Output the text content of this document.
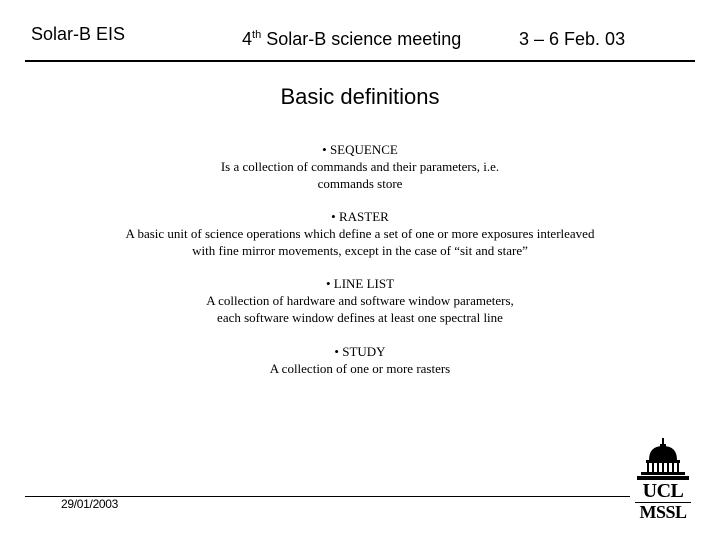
Solar-B EIS	4th Solar-B science meeting	3 – 6 Feb. 03
Basic definitions
• SEQUENCE
Is a collection of commands and their parameters, i.e.
commands store
• RASTER
A basic unit of science operations which define a set of one or more exposures interleaved
with fine mirror movements, except in the case of “sit and stare”
• LINE LIST
A collection of hardware and software window parameters,
each software window defines at least one spectral line
• STUDY
A collection of one or more rasters
29/01/2003
UCL
MSSL
